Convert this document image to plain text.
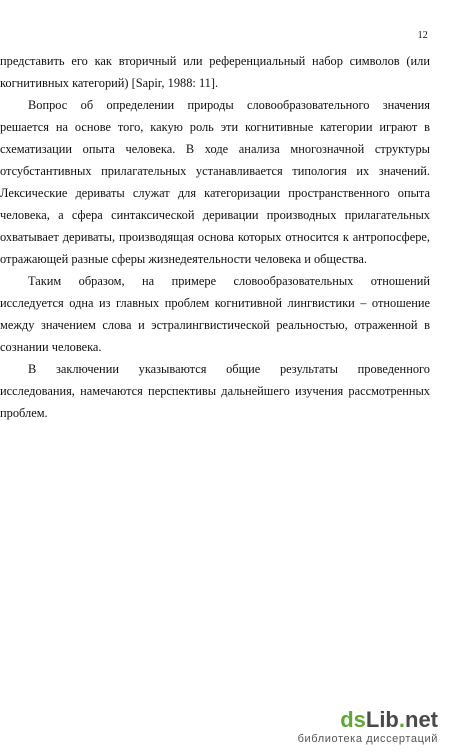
12
представить его как вторичный или референциальный набор символов (или
когнитивных категорий) [Sapir, 1988: 11].
Вопрос об определении природы словообразовательного значения
решается на основе того, какую роль эти когнитивные категории играют в
схематизации опыта человека. В ходе анализа многозначной структуры
отсубстантивных прилагательных устанавливается типология их значений.
Лексические дериваты служат для категоризации пространственного опыта
человека, а сфера синтаксической деривации производных прилагательных
охватывает дериваты, производящая основа которых относится к антропосфере,
отражающей разные сферы жизнедеятельности человека и общества.
Таким образом, на примере словообразовательных отношений
исследуется одна из главных проблем когнитивной лингвистики – отношение
между значением слова и эстралингвистической реальностью, отраженной в
сознании человека.
В заключении указываются общие результаты проведенного
исследования, намечаются перспективы дальнейшего изучения рассмотренных
проблем.
dsLib.net
библиотека диссертаций
